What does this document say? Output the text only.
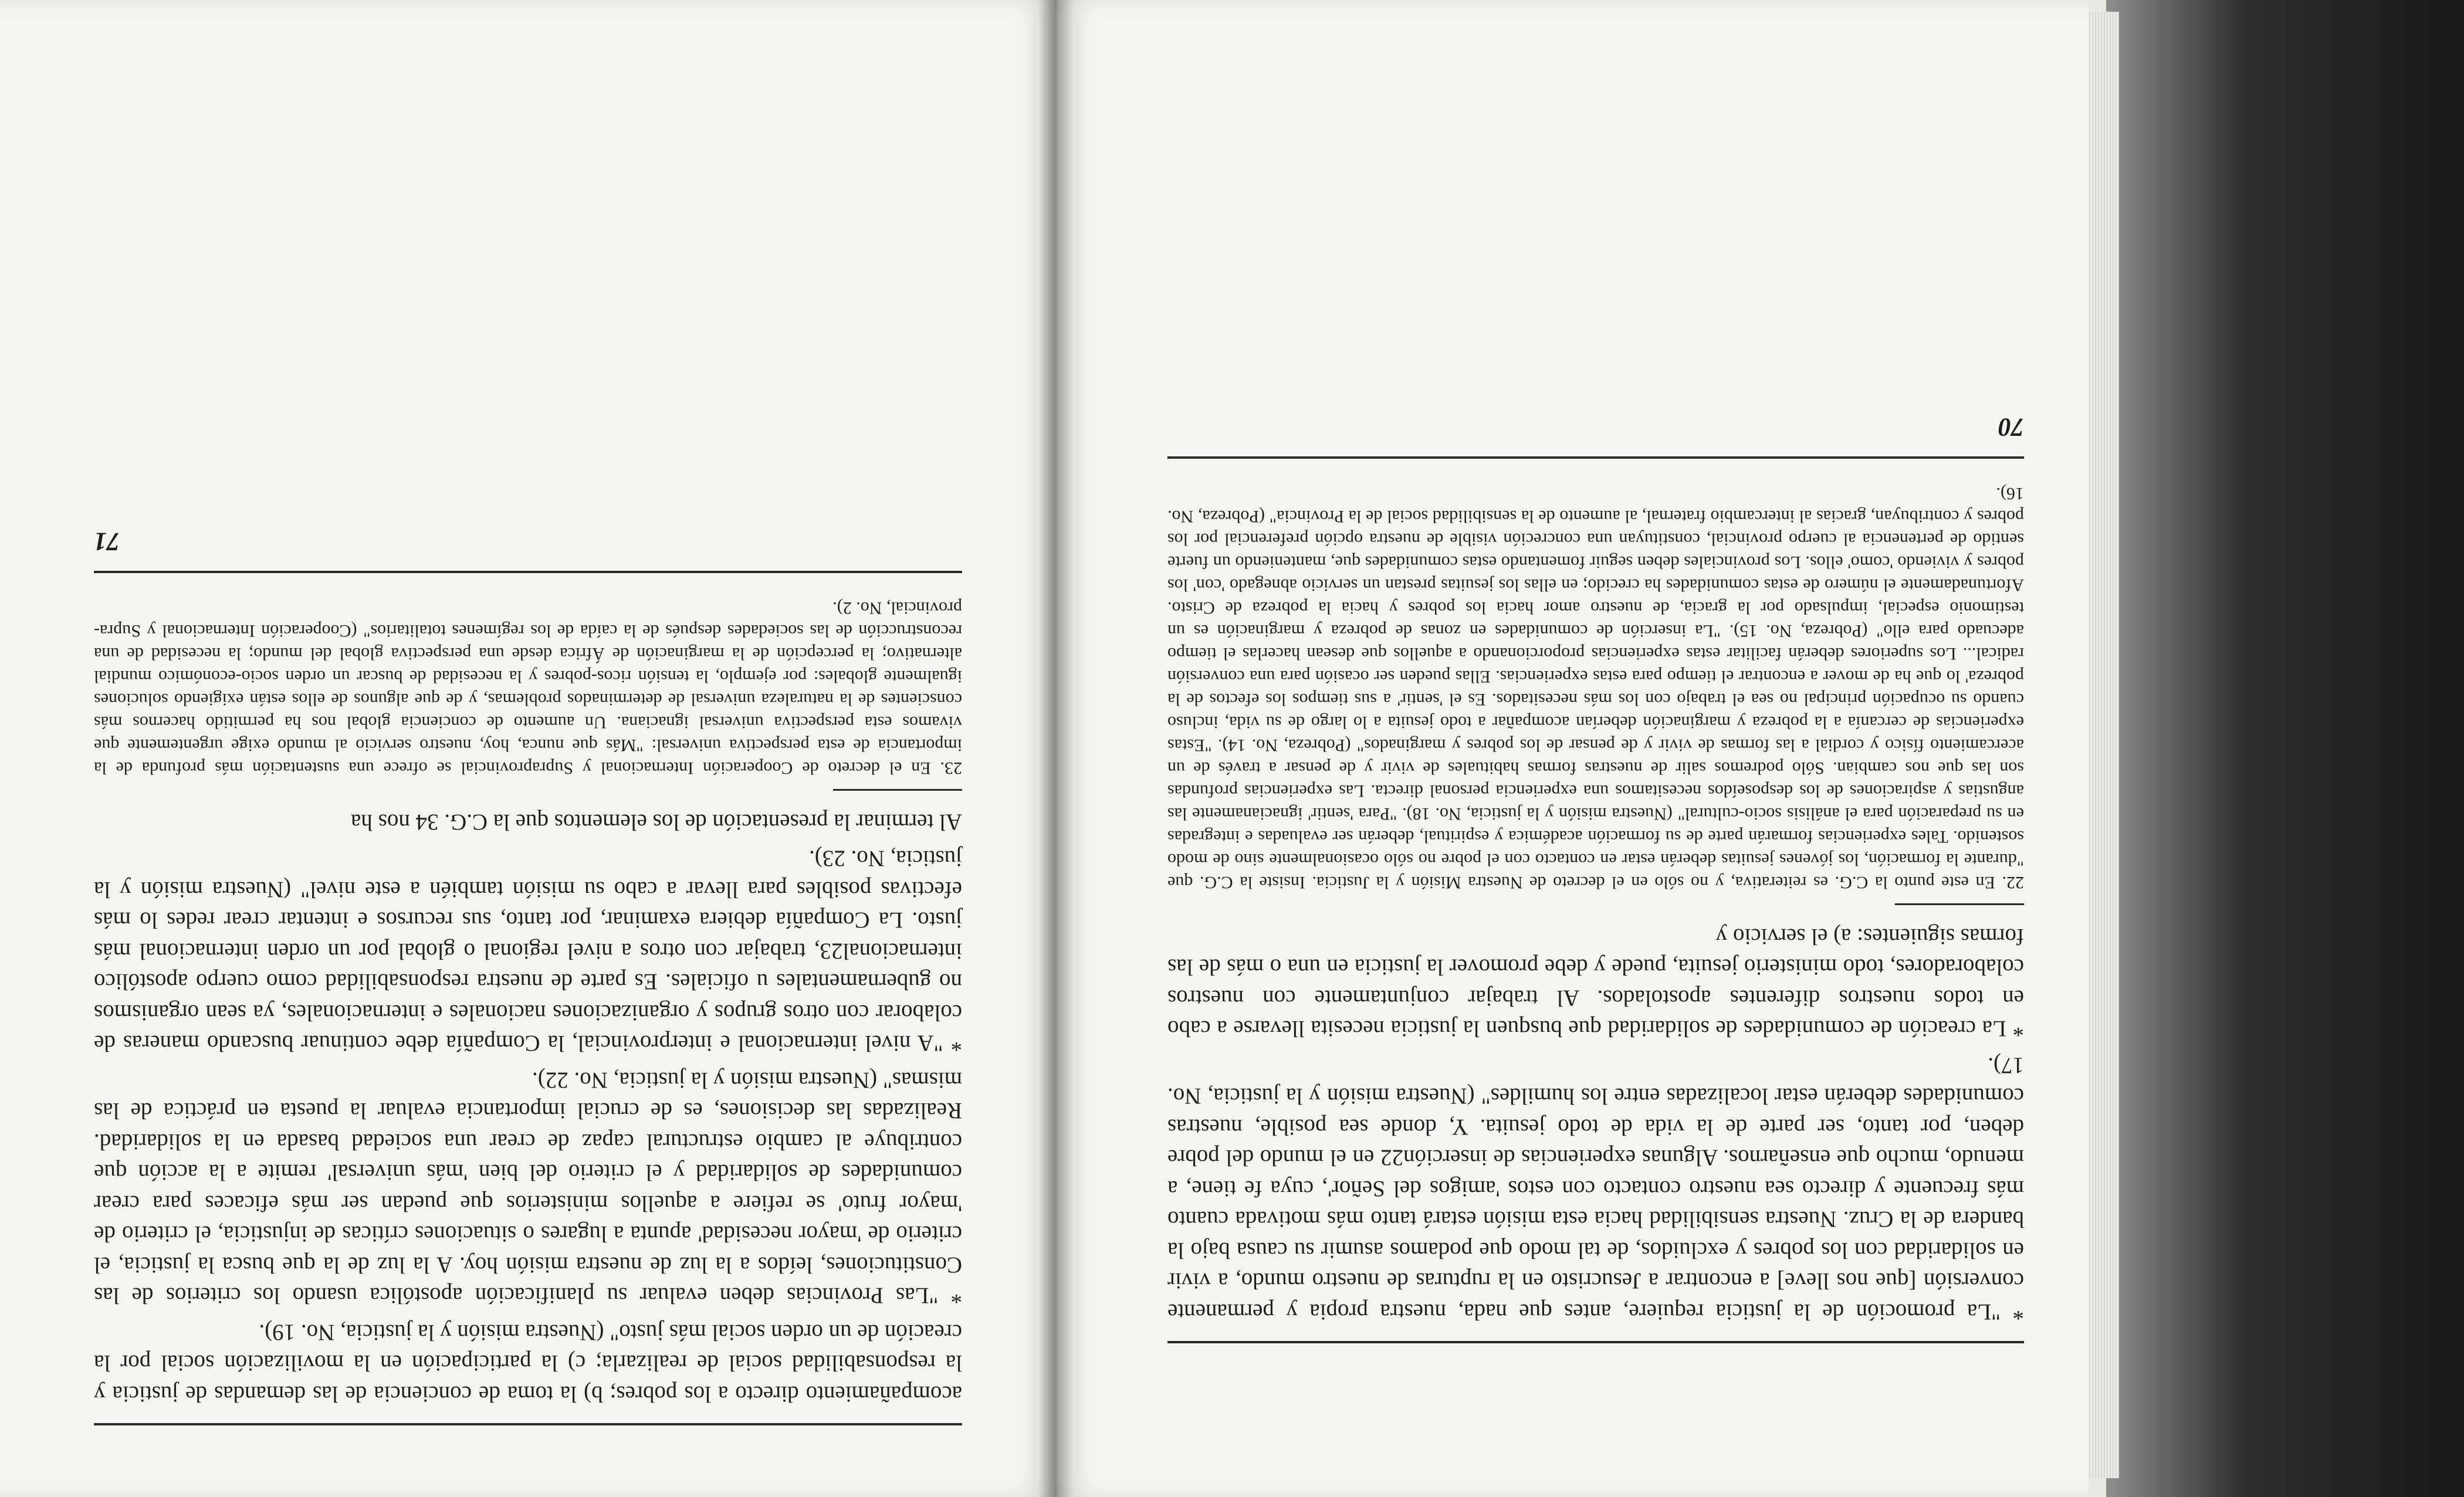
acompañamiento directo a los pobres; b) la toma de conciencia de las demandas de justicia y la responsabilidad social de realizarla; c) la participación en la movilización social por la creación de un orden social más justo" (Nuestra misión y la justicia, No. 19).

* "Las Provincias deben evaluar su planificación apostólica usando los criterios de las Constituciones, leídos a la luz de nuestra misión hoy. A la luz de la que busca la justicia, el criterio de 'mayor necesidad' apunta a lugares o situaciones críticas de injusticia, el criterio de 'mayor fruto' se refiere a aquellos ministerios que puedan ser más eficaces para crear comunidades de solidaridad y el criterio del bien 'más universal' remite a la acción que contribuye al cambio estructural capaz de crear una sociedad basada en la solidaridad. Realizadas las decisiones, es de crucial importancia evaluar la puesta en práctica de las mismas" (Nuestra misión y la justicia, No. 22).

* "A nivel internacional e interprovincial, la Compañía debe continuar buscando maneras de colaborar con otros grupos y organizaciones nacionales e internacionales, ya sean organismos no gubernamentales u oficiales. Es parte de nuestra responsabilidad como cuerpo apostólico internacional23, trabajar con otros a nivel regional o global por un orden internacional más justo. La Compañía debiera examinar, por tanto, sus recursos e intentar crear redes lo más efectivas posibles para llevar a cabo su misión también a este nivel" (Nuestra misión y la justicia, No. 23).

Al terminar la presentación de los elementos que la C.G. 34 nos ha

23. En el decreto de Cooperación Internacional y Supraprovincial se ofrece una sustentación más profunda de la importancia de esta perspectiva universal: "Más que nunca, hoy, nuestro servicio al mundo exige urgentemente que vivamos esta perspectiva universal ignaciana. Un aumento de conciencia global nos ha permitido hacernos más conscientes de la naturaleza universal de determinados problemas, y de que algunos de ellos están exigiendo soluciones igualmente globales: por ejemplo, la tensión ricos-pobres y la necesidad de buscar un orden socio-económico mundial alternativo; la percepción de la marginación de África desde una perspectiva global del mundo; la necesidad de una reconstrucción de las sociedades después de la caída de los regímenes totalitarios" (Cooperación Internacional y Supra-provincial, No. 2).

71

* "La promoción de la justicia requiere, antes que nada, nuestra propia y permanente conversión [que nos lleve] a encontrar a Jesucristo en la rupturas de nuestro mundo, a vivir en solidaridad con los pobres y excluidos, de tal modo que podamos asumir su causa bajo la bandera de la Cruz. Nuestra sensibilidad hacia esta misión estará tanto más motivada cuanto más frecuente y directo sea nuestro contacto con estos 'amigos del Señor', cuya fe tiene, a menudo, mucho que enseñarnos. Algunas experiencias de inserción22 en el mundo del pobre deben, por tanto, ser parte de la vida de todo jesuita. Y, donde sea posible, nuestras comunidades deberán estar localizadas entre los humildes" (Nuestra misión y la justicia, No. 17).

* La creación de comunidades de solidaridad que busquen la justicia necesita llevarse a cabo en todos nuestros diferentes apostolados. Al trabajar conjuntamente con nuestros colaboradores, todo ministerio jesuita, puede y debe promover la justicia en una o más de las formas siguientes: a) el servicio y

22. En este punto la C.G. es reiterativa, y no sólo en el decreto de Nuestra Misión y la Justicia. Insiste la C.G. que "durante la formación, los jóvenes jesuitas deberán estar en contacto con el pobre no sólo ocasionalmente sino de modo sostenido. Tales experiencias formarán parte de su formación académica y espiritual, deberán ser evaluadas e integradas en su preparación para el análisis socio-cultural" (Nuestra misión y la justicia, No. 18). "Para 'sentir' ignacianamente las angustias y aspiraciones de los desposeídos necesitamos una experiencia personal directa. Las experiencias profundas son las que nos cambian. Sólo podremos salir de nuestras formas habituales de vivir y de pensar a través de un acercamiento físico y cordial a las formas de vivir y de pensar de los pobres y marginados" (Pobreza, No. 14). "Estas experiencias de cercanía a la pobreza y marginación deberían acompañar a todo jesuita a lo largo de su vida, incluso cuando su ocupación principal no sea el trabajo con los más necesitados. Es el 'sentir' a sus tiempos los efectos de la pobreza' lo que ha de mover a encontrar el tiempo para estas experiencias. Ellas pueden ser ocasión para una conversión radical... Los superiores deberán facilitar estas experiencias proporcionando a aquellos que desean hacerlas el tiempo adecuado para ello" (Pobreza, No. 15). "La inserción de comunidades en zonas de pobreza y marginación es un testimonio especial, impulsado por la gracia, de nuestro amor hacia los pobres y hacia la pobreza de Cristo. Afortunadamente el número de estas comunidades ha crecido; en ellas los jesuitas prestan un servicio abnegado 'con' los pobres y viviendo 'como' ellos. Los provinciales deben seguir fomentando estas comunidades que, manteniendo un fuerte sentido de pertenencia al cuerpo provincial, constituyan una concreción visible de nuestra opción preferencial por los pobres y contribuyan, gracias al intercambio fraternal, al aumento de la sensibilidad social de la Provincia" (Pobreza, No. 16).

70
